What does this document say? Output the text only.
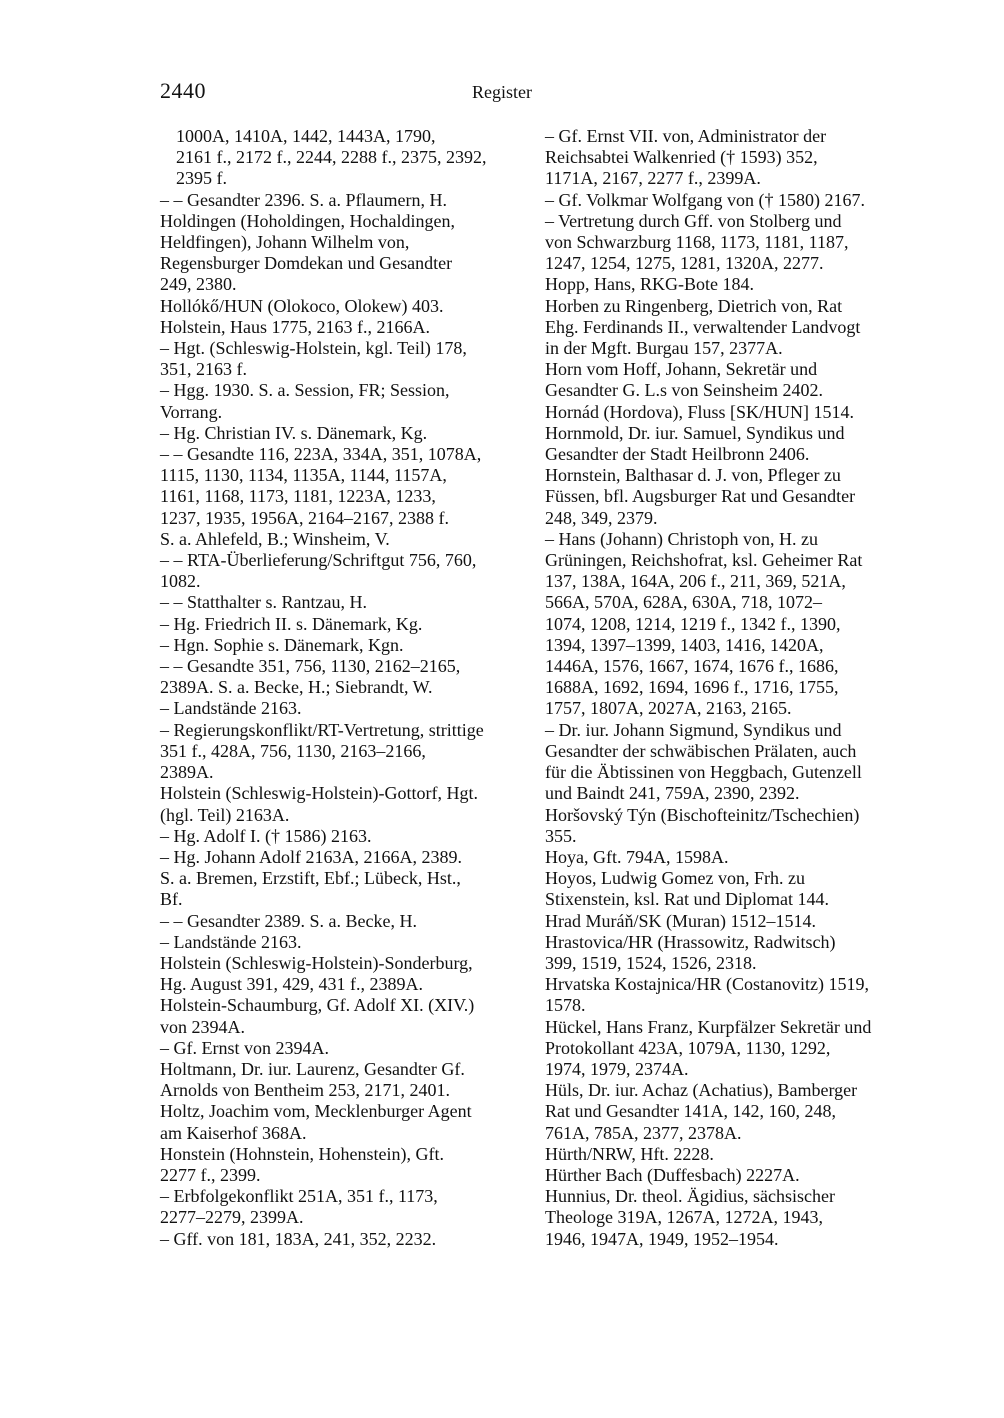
2440	Register
1000A, 1410A, 1442, 1443A, 1790,
2161 f., 2172 f., 2244, 2288 f., 2375, 2392,
2395 f.
– – Gesandter 2396. S. a. Pflaumern, H.
Holdingen (Hoholdingen, Hochaldingen,
Heldfingen), Johann Wilhelm von,
Regensburger Domdekan und Gesandter
249, 2380.
Hollókő/HUN (Olokoco, Olokew) 403.
Holstein, Haus 1775, 2163 f., 2166A.
– Hgt. (Schleswig-Holstein, kgl. Teil) 178,
351, 2163 f.
– Hgg. 1930. S. a. Session, FR; Session,
Vorrang.
– Hg. Christian IV. s. Dänemark, Kg.
– – Gesandte 116, 223A, 334A, 351, 1078A,
1115, 1130, 1134, 1135A, 1144, 1157A,
1161, 1168, 1173, 1181, 1223A, 1233,
1237, 1935, 1956A, 2164–2167, 2388 f.
S. a. Ahlefeld, B.; Winsheim, V.
– – RTA-Überlieferung/Schriftgut 756, 760,
1082.
– – Statthalter s. Rantzau, H.
– Hg. Friedrich II. s. Dänemark, Kg.
– Hgn. Sophie s. Dänemark, Kgn.
– – Gesandte 351, 756, 1130, 2162–2165,
2389A. S. a. Becke, H.; Siebrandt, W.
– Landstände 2163.
– Regierungskonflikt/RT-Vertretung, strittige
351 f., 428A, 756, 1130, 2163–2166,
2389A.
Holstein (Schleswig-Holstein)-Gottorf, Hgt.
(hgl. Teil) 2163A.
– Hg. Adolf I. († 1586) 2163.
– Hg. Johann Adolf 2163A, 2166A, 2389.
S. a. Bremen, Erzstift, Ebf.; Lübeck, Hst.,
Bf.
– – Gesandter 2389. S. a. Becke, H.
– Landstände 2163.
Holstein (Schleswig-Holstein)-Sonderburg,
Hg. August 391, 429, 431 f., 2389A.
Holstein-Schaumburg, Gf. Adolf XI. (XIV.)
von 2394A.
– Gf. Ernst von 2394A.
Holtmann, Dr. iur. Laurenz, Gesandter Gf.
Arnolds von Bentheim 253, 2171, 2401.
Holtz, Joachim vom, Mecklenburger Agent
am Kaiserhof 368A.
Honstein (Hohnstein, Hohenstein), Gft.
2277 f., 2399.
– Erbfolgekonflikt 251A, 351 f., 1173,
2277–2279, 2399A.
– Gff. von 181, 183A, 241, 352, 2232.
– Gf. Ernst VII. von, Administrator der
Reichsabtei Walkenried († 1593) 352,
1171A, 2167, 2277 f., 2399A.
– Gf. Volkmar Wolfgang von († 1580) 2167.
– Vertretung durch Gff. von Stolberg und
von Schwarzburg 1168, 1173, 1181, 1187,
1247, 1254, 1275, 1281, 1320A, 2277.
Hopp, Hans, RKG-Bote 184.
Horben zu Ringenberg, Dietrich von, Rat
Ehg. Ferdinands II., verwaltender Landvogt
in der Mgft. Burgau 157, 2377A.
Horn vom Hoff, Johann, Sekretär und
Gesandter G. L.s von Seinsheim 2402.
Hornád (Hordova), Fluss [SK/HUN] 1514.
Hornmold, Dr. iur. Samuel, Syndikus und
Gesandter der Stadt Heilbronn 2406.
Hornstein, Balthasar d. J. von, Pfleger zu
Füssen, bfl. Augsburger Rat und Gesandter
248, 349, 2379.
– Hans (Johann) Christoph von, H. zu
Grüningen, Reichshofrat, ksl. Geheimer Rat
137, 138A, 164A, 206 f., 211, 369, 521A,
566A, 570A, 628A, 630A, 718, 1072–
1074, 1208, 1214, 1219 f., 1342 f., 1390,
1394, 1397–1399, 1403, 1416, 1420A,
1446A, 1576, 1667, 1674, 1676 f., 1686,
1688A, 1692, 1694, 1696 f., 1716, 1755,
1757, 1807A, 2027A, 2163, 2165.
– Dr. iur. Johann Sigmund, Syndikus und
Gesandter der schwäbischen Prälaten, auch
für die Äbtissinen von Heggbach, Gutenzell
und Baindt 241, 759A, 2390, 2392.
Horšovský Týn (Bischofteinitz/Tschechien)
355.
Hoya, Gft. 794A, 1598A.
Hoyos, Ludwig Gomez von, Frh. zu
Stixenstein, ksl. Rat und Diplomat 144.
Hrad Muráň/SK (Muran) 1512–1514.
Hrastovica/HR (Hrassowitz, Radwitsch)
399, 1519, 1524, 1526, 2318.
Hrvatska Kostajnica/HR (Costanovitz) 1519,
1578.
Hückel, Hans Franz, Kurpfälzer Sekretär und
Protokollant 423A, 1079A, 1130, 1292,
1974, 1979, 2374A.
Hüls, Dr. iur. Achaz (Achatius), Bamberger
Rat und Gesandter 141A, 142, 160, 248,
761A, 785A, 2377, 2378A.
Hürth/NRW, Hft. 2228.
Hürther Bach (Duffesbach) 2227A.
Hunnius, Dr. theol. Ägidius, sächsischer
Theologe 319A, 1267A, 1272A, 1943,
1946, 1947A, 1949, 1952–1954.
